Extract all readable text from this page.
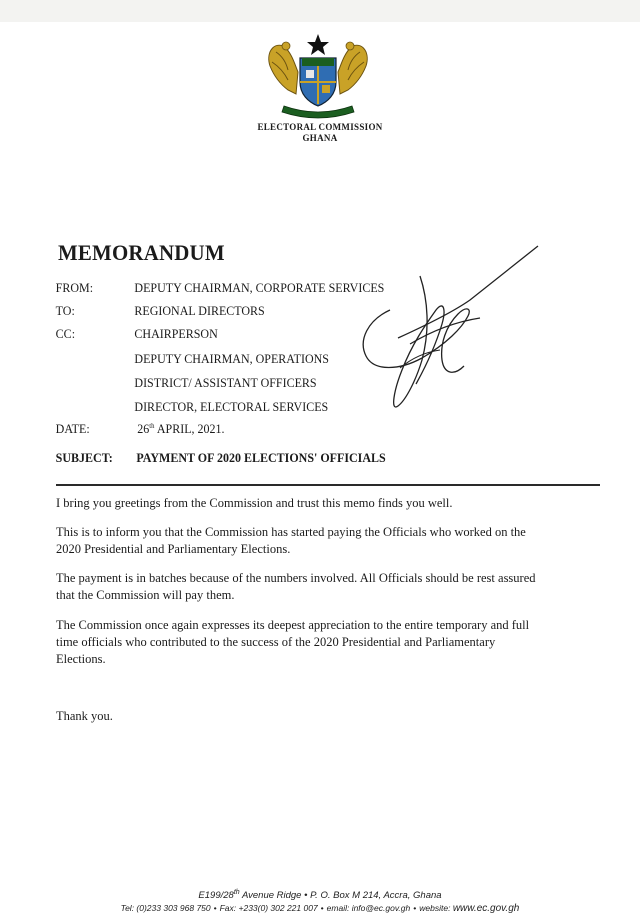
ELECTORAL COMMISSION
GHANA
MEMORANDUM
FROM:	DEPUTY CHAIRMAN, CORPORATE SERVICES
TO:	REGIONAL DIRECTORS
CC:	CHAIRPERSON
DEPUTY CHAIRMAN, OPERATIONS
DISTRICT/ ASSISTANT OFFICERS
DIRECTOR, ELECTORAL SERVICES
DATE:	26th APRIL, 2021.
SUBJECT: PAYMENT OF 2020 ELECTIONS' OFFICIALS
I bring you greetings from the Commission and trust this memo finds you well.
This is to inform you that the Commission has started paying the Officials who worked on the
2020 Presidential and Parliamentary Elections.
The payment is in batches because of the numbers involved. All Officials should be rest assured
that the Commission will pay them.
The Commission once again expresses its deepest appreciation to the entire temporary and full
time officials who contributed to the success of the 2020 Presidential and Parliamentary
Elections.
Thank you.
E199/28th Avenue Ridge • P. O. Box M 214, Accra, Ghana
Tel: (0)233 303 968 750 • Fax: +233(0) 302 221 007 • email: info@ec.gov.gh • website: www.ec.gov.gh
